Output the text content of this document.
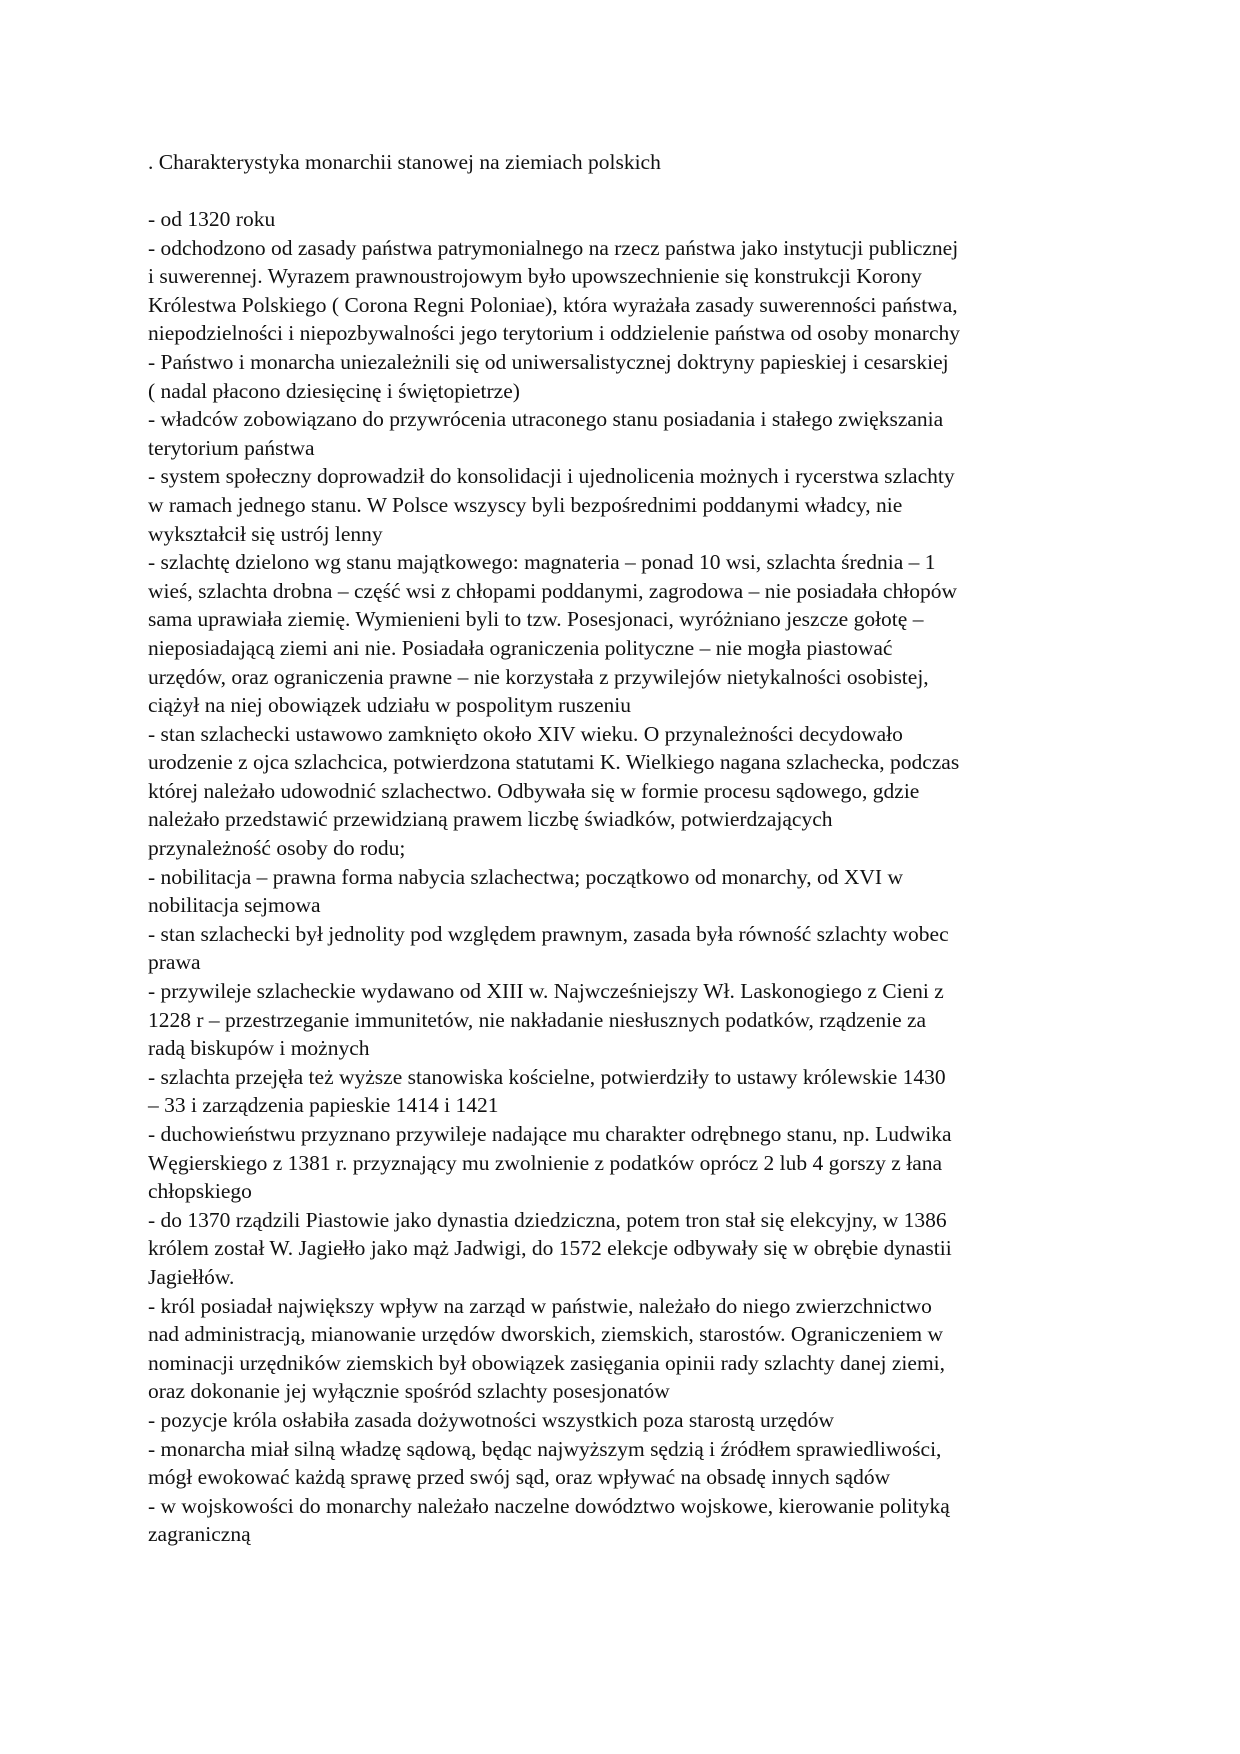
. Charakterystyka monarchii stanowej na ziemiach polskich
- od 1320 roku
- odchodzono od zasady państwa patrymonialnego na rzecz państwa jako instytucji publicznej
i suwerennej. Wyrazem prawnoustrojowym było upowszechnienie się konstrukcji Korony
Królestwa Polskiego ( Corona Regni Poloniae), która wyrażała zasady suwerenności państwa,
niepodzielności i niepozbywalności jego terytorium i oddzielenie państwa od osoby monarchy
- Państwo i monarcha uniezależnili się od uniwersalistycznej doktryny papieskiej i cesarskiej
( nadal płacono dziesięcinę i świętopietrze)
- władców zobowiązano do przywrócenia utraconego stanu posiadania i stałego zwiększania
terytorium państwa
- system społeczny doprowadził do konsolidacji i ujednolicenia możnych i rycerstwa szlachty
w ramach jednego stanu. W Polsce wszyscy byli bezpośrednimi poddanymi władcy, nie
wykształcił się ustrój lenny
- szlachtę dzielono wg stanu majątkowego: magnateria – ponad 10 wsi, szlachta średnia – 1
wieś, szlachta drobna – część wsi z chłopami poddanymi, zagrodowa – nie posiadała chłopów
sama uprawiała ziemię. Wymienieni byli to tzw. Posesjonaci, wyróżniano jeszcze gołotę –
nieposiadającą ziemi ani nie. Posiadała ograniczenia polityczne – nie mogła piastować
urzędów, oraz ograniczenia prawne – nie korzystała z przywilejów nietykalności osobistej,
ciążył na niej obowiązek udziału w pospolitym ruszeniu
- stan szlachecki ustawowo zamknięto około XIV wieku. O przynależności decydowało
urodzenie z ojca szlachcica, potwierdzona statutami K. Wielkiego nagana szlachecka, podczas
której należało udowodnić szlachectwo. Odbywała się w formie procesu sądowego, gdzie
należało przedstawić przewidzianą prawem liczbę świadków, potwierdzających
przynależność osoby do rodu;
- nobilitacja – prawna forma nabycia szlachectwa; początkowo od monarchy, od XVI w
nobilitacja sejmowa
- stan szlachecki był jednolity pod względem prawnym, zasada była równość szlachty wobec
prawa
- przywileje szlacheckie wydawano od XIII w. Najwcześniejszy Wł. Laskonogiego z Cieni z
1228 r – przestrzeganie immunitetów, nie nakładanie niesłusznych podatków, rządzenie za
radą biskupów i możnych
- szlachta przejęła też wyższe stanowiska kościelne, potwierdziły to ustawy królewskie 1430
– 33 i zarządzenia papieskie 1414 i 1421
- duchowieństwu przyznano przywileje nadające mu charakter odrębnego stanu, np. Ludwika
Węgierskiego z 1381 r. przyznający mu zwolnienie z podatków oprócz 2 lub 4 gorszy z łana
chłopskiego
- do 1370 rządzili Piastowie jako dynastia dziedziczna, potem tron stał się elekcyjny, w 1386
królem został W. Jagiełło jako mąż Jadwigi, do 1572 elekcje odbywały się w obrębie dynastii
Jagiełłów.
- król posiadał największy wpływ na zarząd w państwie, należało do niego zwierzchnictwo
nad administracją, mianowanie urzędów dworskich, ziemskich, starostów. Ograniczeniem w
nominacji urzędników ziemskich był obowiązek zasięgania opinii rady szlachty danej ziemi,
oraz dokonanie jej wyłącznie spośród szlachty posesjonatów
- pozycje króla osłabiła zasada dożywotności wszystkich poza starostą urzędów
- monarcha miał silną władzę sądową, będąc najwyższym sędzią i źródłem sprawiedliwości,
mógł ewokować każdą sprawę przed swój sąd, oraz wpływać na obsadę innych sądów
- w wojskowości do monarchy należało naczelne dowództwo wojskowe, kierowanie polityką
zagraniczną
